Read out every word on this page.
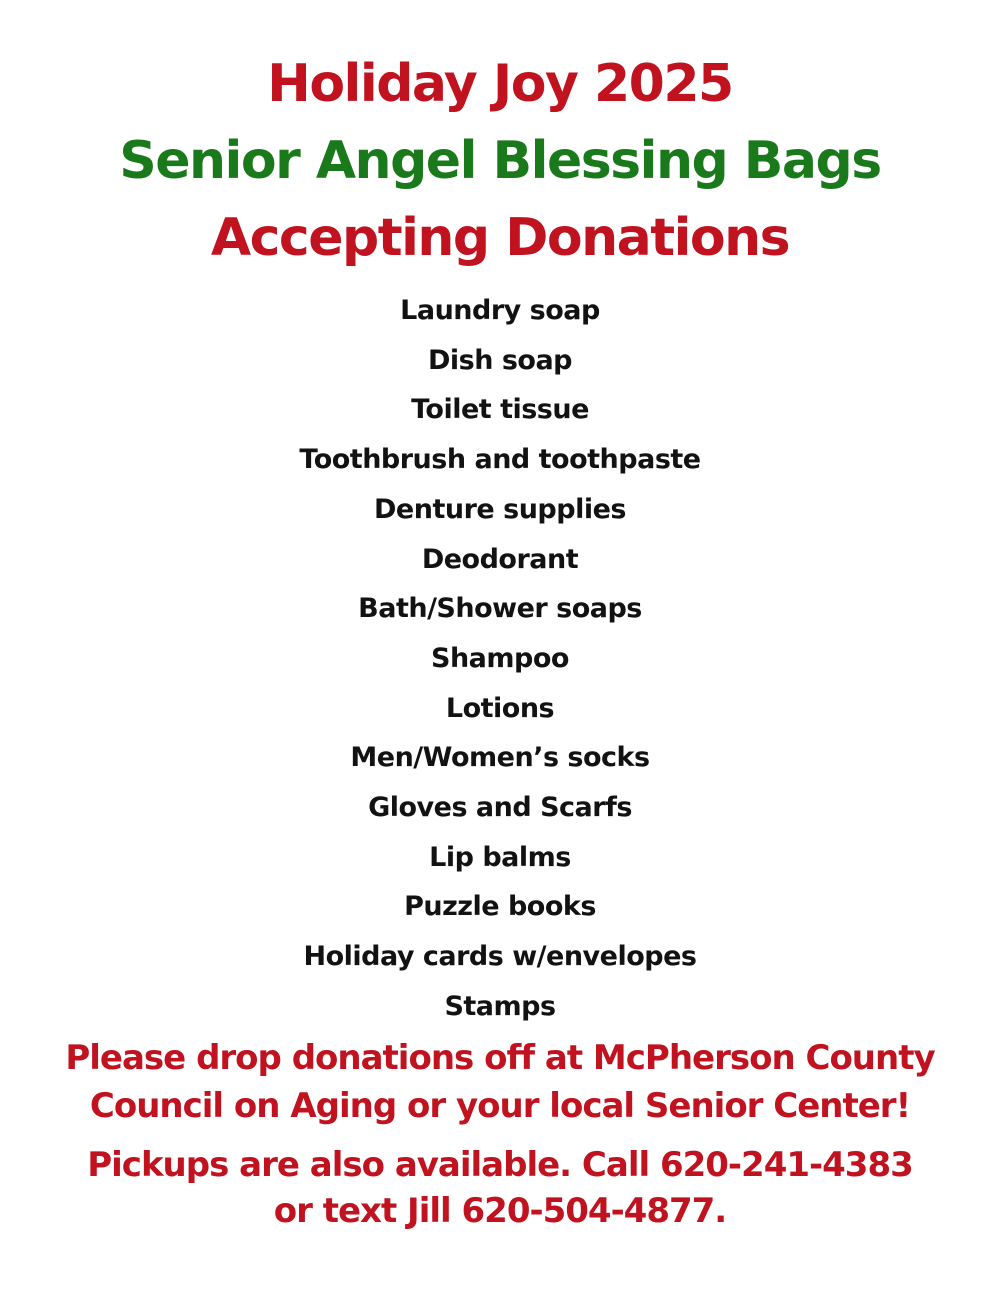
Holiday Joy 2025
Senior Angel Blessing Bags
Accepting Donations
Laundry soap
Dish soap
Toilet tissue
Toothbrush and toothpaste
Denture supplies
Deodorant
Bath/Shower soaps
Shampoo
Lotions
Men/Women’s socks
Gloves and Scarfs
Lip balms
Puzzle books
Holiday cards w/envelopes
Stamps
Please drop donations off at McPherson County
Council on Aging or your local Senior Center!
Pickups are also available. Call 620-241-4383
or text Jill 620-504-4877.
